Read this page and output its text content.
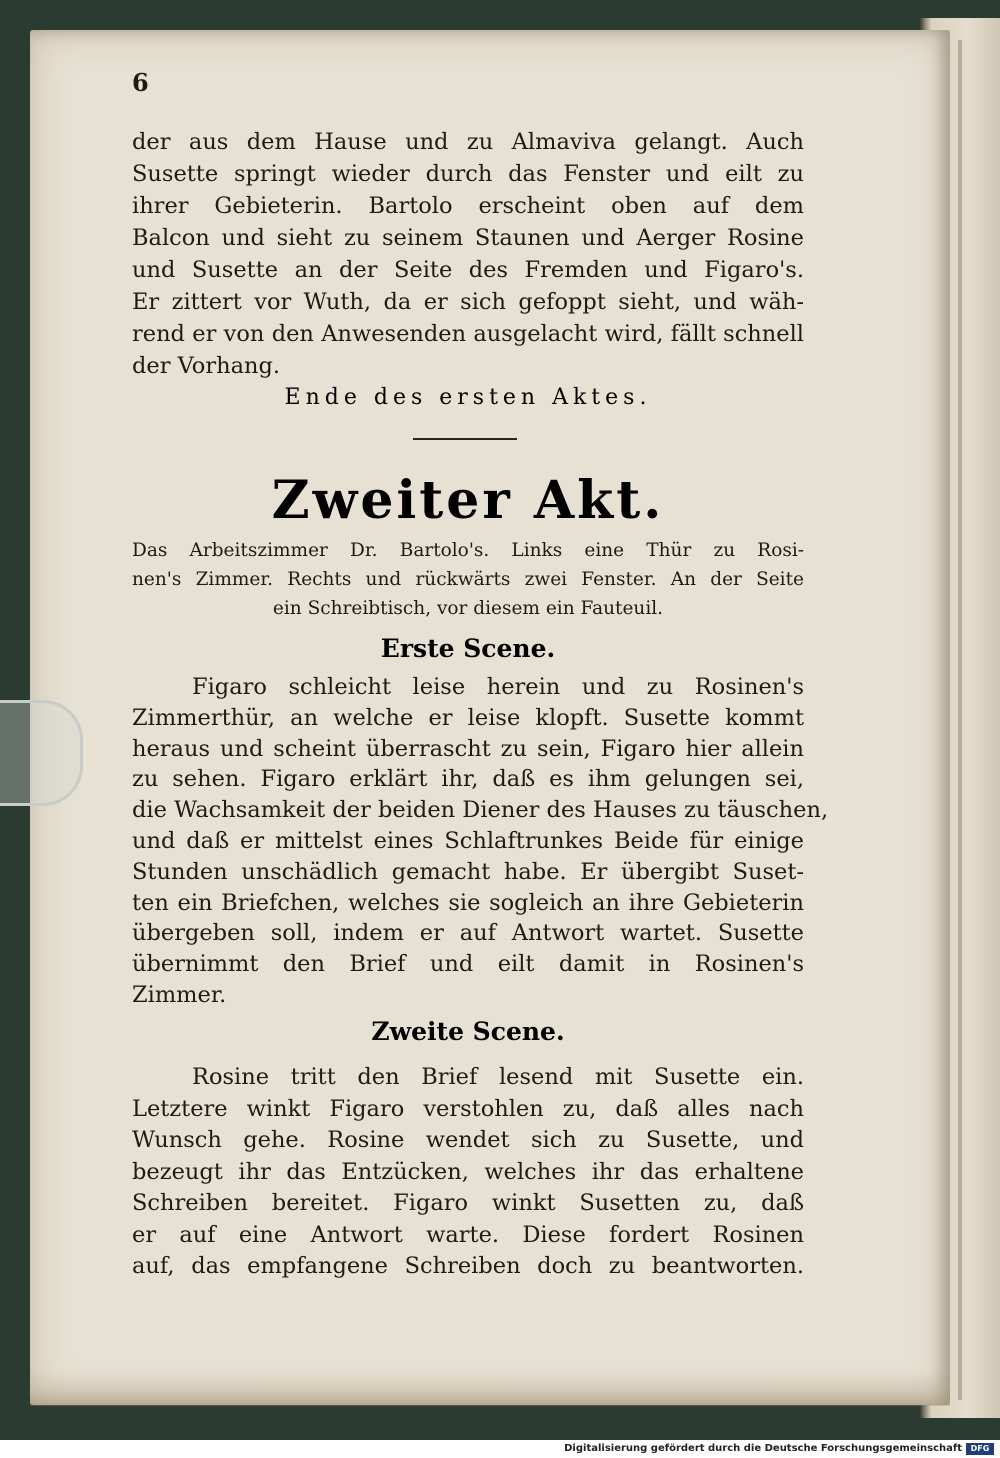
6
der aus dem Hause und zu Almaviva gelangt. Auch
Susette springt wieder durch das Fenster und eilt zu
ihrer Gebieterin. Bartolo erscheint oben auf dem
Balcon und sieht zu seinem Staunen und Aerger Rosine
und Susette an der Seite des Fremden und Figaro's.
Er zittert vor Wuth, da er sich gefoppt sieht, und wäh-
rend er von den Anwesenden ausgelacht wird, fällt schnell
der Vorhang.
Ende des ersten Aktes.
Zweiter Akt.
Das Arbeitszimmer Dr. Bartolo's. Links eine Thür zu Rosi-
nen's Zimmer. Rechts und rückwärts zwei Fenster. An der Seite
ein Schreibtisch, vor diesem ein Fauteuil.
Erste Scene.
Figaro schleicht leise herein und zu Rosinen's
Zimmerthür, an welche er leise klopft. Susette kommt
heraus und scheint überrascht zu sein, Figaro hier allein
zu sehen. Figaro erklärt ihr, daß es ihm gelungen sei,
die Wachsamkeit der beiden Diener des Hauses zu täuschen,
und daß er mittelst eines Schlaftrunkes Beide für einige
Stunden unschädlich gemacht habe. Er übergibt Suset-
ten ein Briefchen, welches sie sogleich an ihre Gebieterin
übergeben soll, indem er auf Antwort wartet. Susette
übernimmt den Brief und eilt damit in Rosinen's
Zimmer.
Zweite Scene.
Rosine tritt den Brief lesend mit Susette ein.
Letztere winkt Figaro verstohlen zu, daß alles nach
Wunsch gehe. Rosine wendet sich zu Susette, und
bezeugt ihr das Entzücken, welches ihr das erhaltene
Schreiben bereitet. Figaro winkt Susetten zu, daß
er auf eine Antwort warte. Diese fordert Rosinen
auf, das empfangene Schreiben doch zu beantworten.
Digitalisierung gefördert durch die Deutsche Forschungsgemeinschaft	DFG
